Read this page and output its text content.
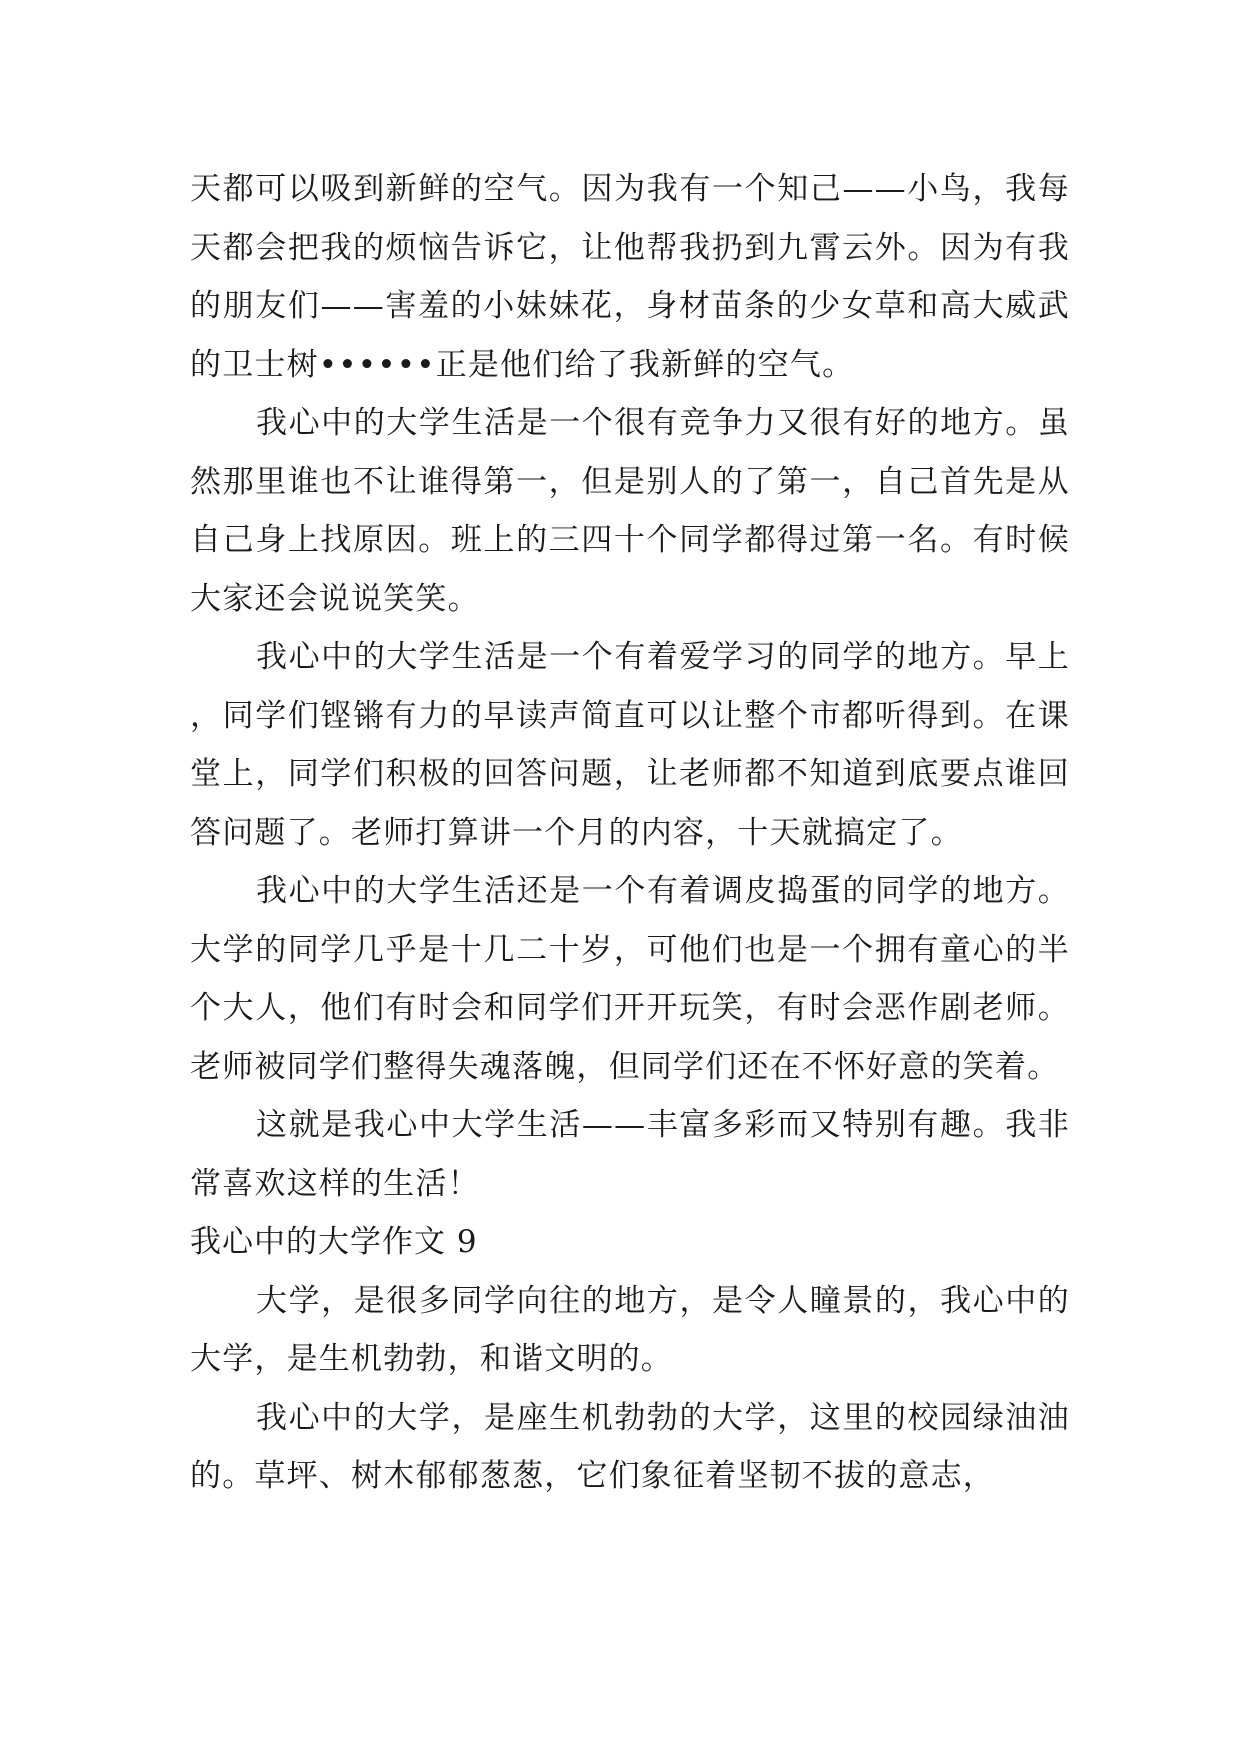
天都可以吸到新鲜的空气。因为我有一个知己——小鸟，我每天都会把我的烦恼告诉它，让他帮我扔到九霄云外。因为有我的朋友们——害羞的小妹妹花，身材苗条的少女草和高大威武的卫士树••••••正是他们给了我新鲜的空气。

我心中的大学生活是一个很有竞争力又很有好的地方。虽然那里谁也不让谁得第一，但是别人的了第一，自己首先是从自己身上找原因。班上的三四十个同学都得过第一名。有时候大家还会说说笑笑。

我心中的大学生活是一个有着爱学习的同学的地方。早上，同学们铿锵有力的早读声简直可以让整个市都听得到。在课堂上，同学们积极的回答问题，让老师都不知道到底要点谁回答问题了。老师打算讲一个月的内容，十天就搞定了。

我心中的大学生活还是一个有着调皮捣蛋的同学的地方。大学的同学几乎是十几二十岁，可他们也是一个拥有童心的半个大人，他们有时会和同学们开开玩笑，有时会恶作剧老师。老师被同学们整得失魂落魄，但同学们还在不怀好意的笑着。

这就是我心中大学生活——丰富多彩而又特别有趣。我非常喜欢这样的生活！

我心中的大学作文 9

大学，是很多同学向往的地方，是令人瞳景的，我心中的大学，是生机勃勃，和谐文明的。

我心中的大学，是座生机勃勃的大学，这里的校园绿油油的。草坪、树木郁郁葱葱，它们象征着坚韧不拔的意志，
